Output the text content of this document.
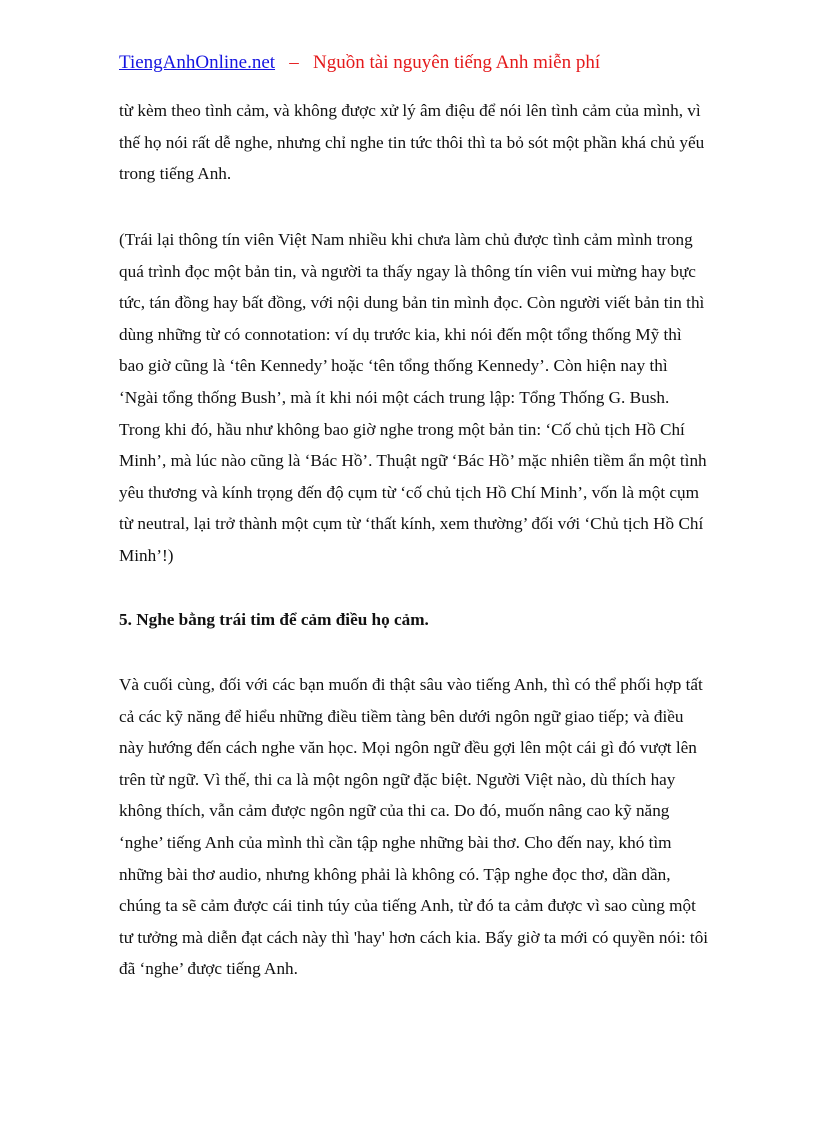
TiengAnhOnline.net – Nguồn tài nguyên tiếng Anh miễn phí

từ kèm theo tình cảm, và không được xử lý âm điệu để nói lên tình cảm của mình, vì thế họ nói rất dễ nghe, nhưng chỉ nghe tin tức thôi thì ta bỏ sót một phần khá chủ yếu trong tiếng Anh.

(Trái lại thông tín viên Việt Nam nhiều khi chưa làm chủ được tình cảm mình trong quá trình đọc một bản tin, và người ta thấy ngay là thông tín viên vui mừng hay bực tức, tán đồng hay bất đồng, với nội dung bản tin mình đọc. Còn người viết bản tin thì dùng những từ có connotation: ví dụ trước kia, khi nói đến một tổng thống Mỹ thì bao giờ cũng là ‘tên Kennedy’ hoặc ‘tên tổng thống Kennedy’. Còn hiện nay thì ‘Ngài tổng thống Bush’, mà ít khi nói một cách trung lập: Tổng Thống G. Bush. Trong khi đó, hầu như không bao giờ nghe trong một bản tin: ‘Cố chủ tịch Hồ Chí Minh’, mà lúc nào cũng là ‘Bác Hồ’. Thuật ngữ ‘Bác Hồ’ mặc nhiên tiềm ẩn một tình yêu thương và kính trọng đến độ cụm từ ‘cố chủ tịch Hồ Chí Minh’, vốn là một cụm từ neutral, lại trở thành một cụm từ ‘thất kính, xem thường’ đối với ‘Chủ tịch Hồ Chí Minh’!)

5. Nghe bằng trái tim để cảm điều họ cảm.

Và cuối cùng, đối với các bạn muốn đi thật sâu vào tiếng Anh, thì có thể phối hợp tất cả các kỹ năng để hiểu những điều tiềm tàng bên dưới ngôn ngữ giao tiếp; và điều này hướng đến cách nghe văn học. Mọi ngôn ngữ đều gợi lên một cái gì đó vượt lên trên từ ngữ. Vì thế, thi ca là một ngôn ngữ đặc biệt. Người Việt nào, dù thích hay không thích, vẫn cảm được ngôn ngữ của thi ca. Do đó, muốn nâng cao kỹ năng ‘nghe’ tiếng Anh của mình thì cần tập nghe những bài thơ. Cho đến nay, khó tìm những bài thơ audio, nhưng không phải là không có. Tập nghe đọc thơ, dần dần, chúng ta sẽ cảm được cái tinh túy của tiếng Anh, từ đó ta cảm được vì sao cùng một tư tưởng mà diễn đạt cách này thì 'hay' hơn cách kia. Bấy giờ ta mới có quyền nói: tôi đã ‘nghe’ được tiếng Anh.
